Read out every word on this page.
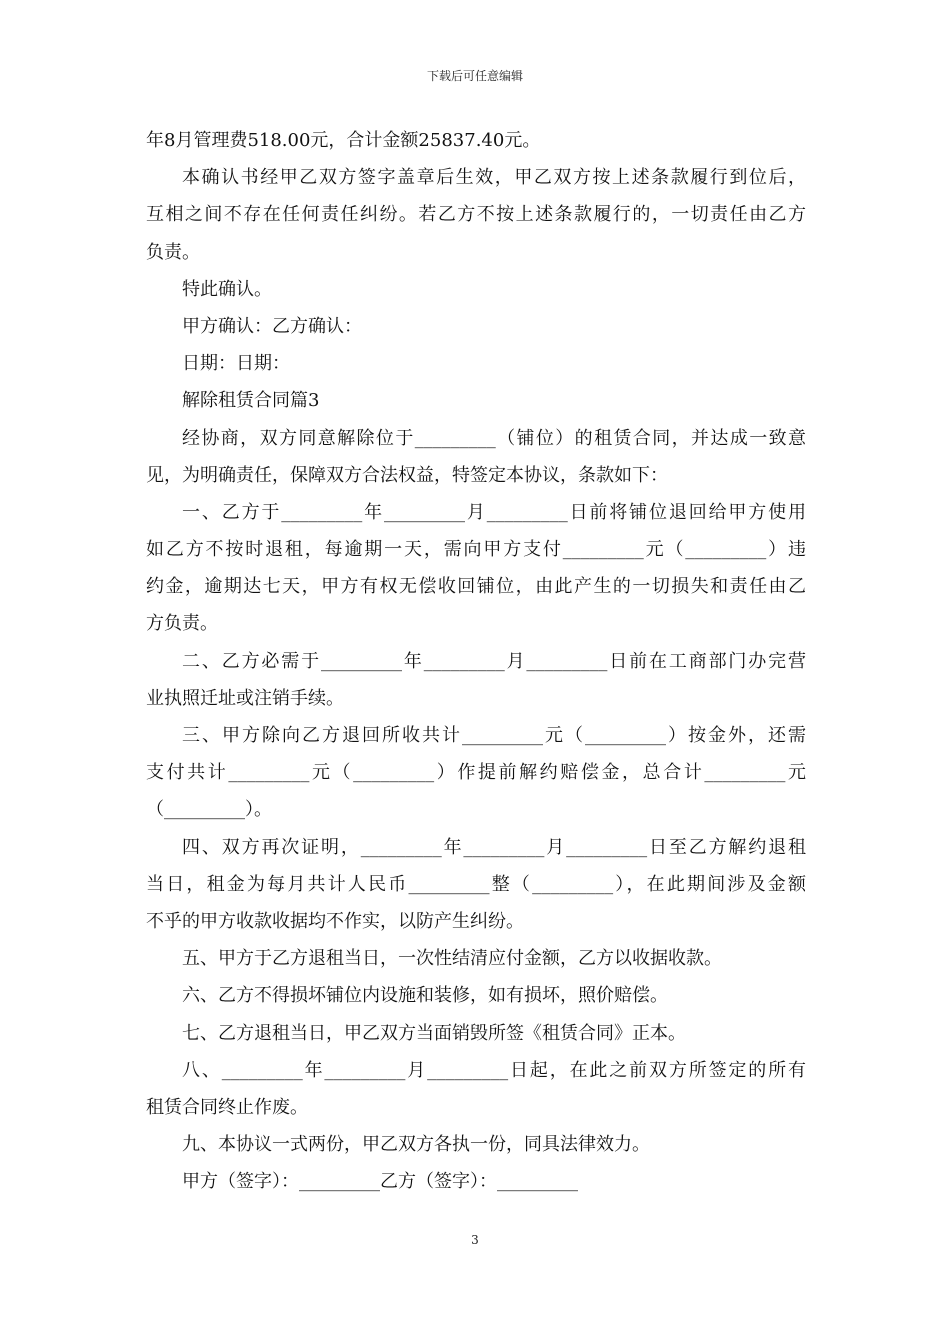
下载后可任意编辑
年8月管理费518.00元，合计金额25837.40元。
本确认书经甲乙双方签字盖章后生效，甲乙双方按上述条款履行到位后，
互相之间不存在任何责任纠纷。若乙方不按上述条款履行的，一切责任由乙方
负责。
特此确认。
甲方确认：乙方确认：
日期：日期：
解除租赁合同篇3
经协商，双方同意解除位于_________（铺位）的租赁合同，并达成一致意
见，为明确责任，保障双方合法权益，特签定本协议，条款如下：
一、乙方于_________年_________月_________日前将铺位退回给甲方使用
如乙方不按时退租，每逾期一天，需向甲方支付_________元（_________）违
约金，逾期达七天，甲方有权无偿收回铺位，由此产生的一切损失和责任由乙
方负责。
二、乙方必需于_________年_________月_________日前在工商部门办完营
业执照迁址或注销手续。
三、甲方除向乙方退回所收共计_________元（_________）按金外，还需
支付共计_________元（_________）作提前解约赔偿金，总合计_________元
（_________）。
四、双方再次证明，_________年_________月_________日至乙方解约退租
当日，租金为每月共计人民币_________整（_________），在此期间涉及金额
不乎的甲方收款收据均不作实，以防产生纠纷。
五、甲方于乙方退租当日，一次性结清应付金额，乙方以收据收款。
六、乙方不得损坏铺位内设施和装修，如有损坏，照价赔偿。
七、乙方退租当日，甲乙双方当面销毁所签《租赁合同》正本。
八、_________年_________月_________日起，在此之前双方所签定的所有
租赁合同终止作废。
九、本协议一式两份，甲乙双方各执一份，同具法律效力。
甲方（签字）：_________乙方（签字）：_________
3
